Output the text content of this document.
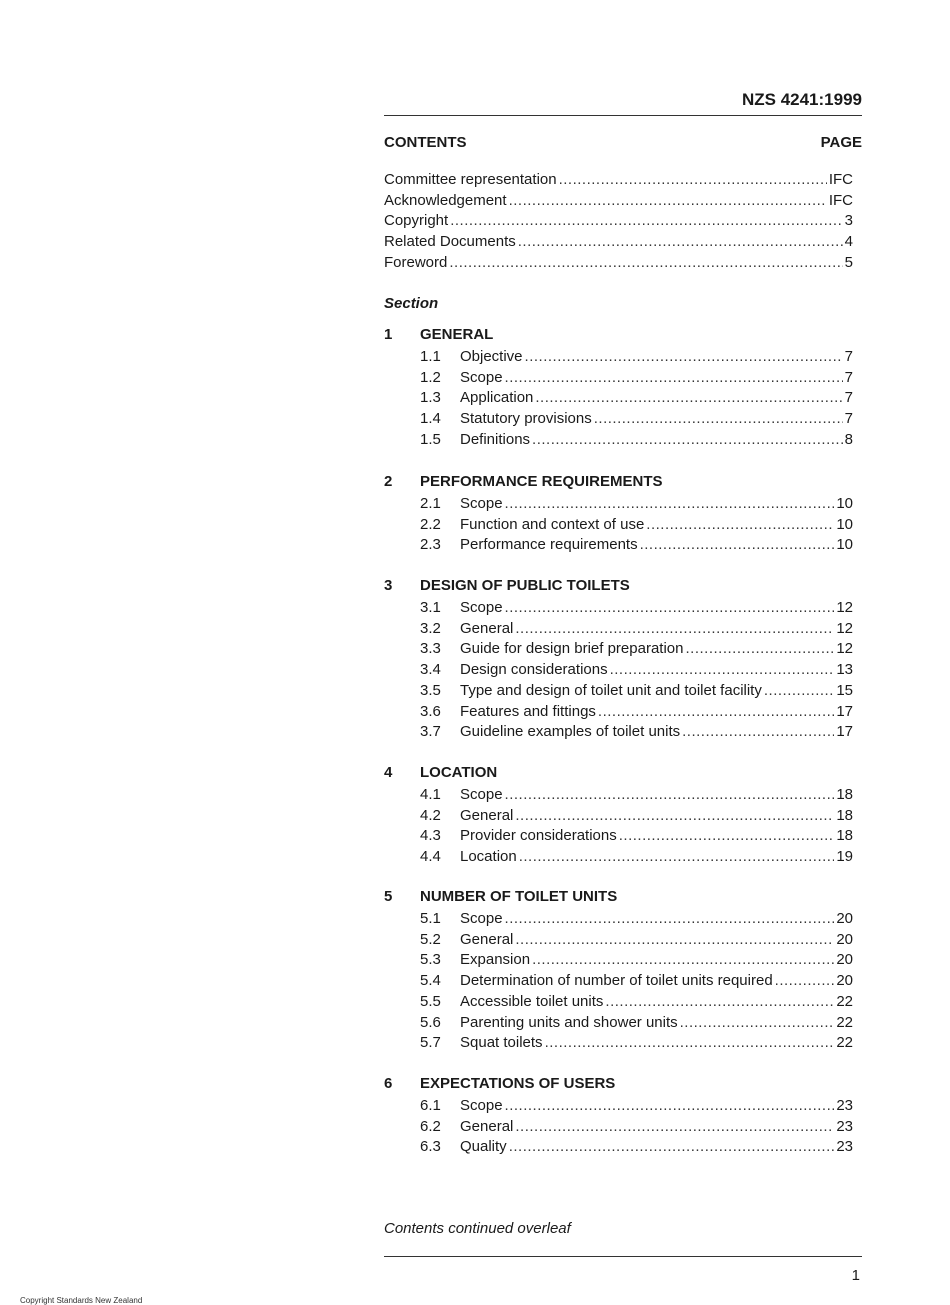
NZS 4241:1999
CONTENTS	PAGE
Committee representation .....	IFC
Acknowledgement .....	IFC
Copyright .....	3
Related Documents .....	4
Foreword .....	5
Section
1 GENERAL
1.1 Objective .....	7
1.2 Scope .....	7
1.3 Application .....	7
1.4 Statutory provisions .....	7
1.5 Definitions .....	8
2 PERFORMANCE REQUIREMENTS
2.1 Scope .....	10
2.2 Function and context of use .....	10
2.3 Performance requirements .....	10
3 DESIGN OF PUBLIC TOILETS
3.1 Scope .....	12
3.2 General .....	12
3.3 Guide for design brief preparation .....	12
3.4 Design considerations .....	13
3.5 Type and design of toilet unit and toilet facility .....	15
3.6 Features and fittings .....	17
3.7 Guideline examples of toilet units .....	17
4 LOCATION
4.1 Scope .....	18
4.2 General .....	18
4.3 Provider considerations .....	18
4.4 Location .....	19
5 NUMBER OF TOILET UNITS
5.1 Scope .....	20
5.2 General .....	20
5.3 Expansion .....	20
5.4 Determination of number of toilet units required .....	20
5.5 Accessible toilet units .....	22
5.6 Parenting units and shower units .....	22
5.7 Squat toilets .....	22
6 EXPECTATIONS OF USERS
6.1 Scope .....	23
6.2 General .....	23
6.3 Quality .....	23
Contents continued overleaf
1
Copyright Standards New Zealand
